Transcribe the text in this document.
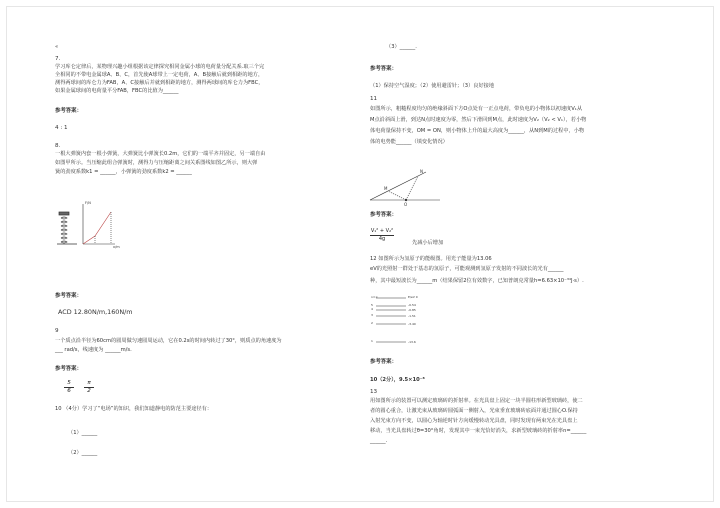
«
7.
学习库仑定律后，某物理兴趣小组根据该定律探究相同金属小球的电荷量分配关系.取三个完
全相同的不带电金属球A、B、C，首先使A球带上一定电荷，A、B接触后就到相距的地方，
测得两球间的库仑力为FAB，A、C接触后并就到相距的地方，测得两球间的库仑力为FBC，
如果金属球间的电荷量平分FAB，FBC的比值为______
参考答案：
4 : 1
8.
一根大弹簧内套一根小弹簧，大弹簧比小弹簧长0.2m，它们的一端平齐并固定，另一端自由
如图甲所示。当压缩此组合弹簧时，测得力与压缩距离之间关系图线如图乙所示，则大弹
簧的劲度系数k1 = ______，小弹簧的劲度系数k2 = ______
F/N
x/m
参考答案：
ACD 12.80N/m,160N/m
9
一个质点沿半径为60cm的圆周做匀速圆周运动，它在0.2s的时间内转过了30°，则质点的角速度为
___ rad/s，线速度为 ______m/s.
参考答案：
$\frac{5}{6} \frac{\pi}{2}$
10 （4分）学习了“电场”的知识，我们知道静电的防范主要途径有：
（1）______
（2）______
（3）______.
参考答案：
（1）保持空气湿度；（2）使用避雷针；（3）良好接地
11
如图所示，粗糙程度均匀的绝缘斜面下方O点处有一正点电荷，带负电的小物体以初速度V₁从
M点沿斜面上滑，到达N点时速度为零，然后下滑回到M点，此时速度为V₂（V₂ < V₁），若小物
体电荷量保持不变，OM = ON，则小物体上升的最大高度为______，从N到M的过程中，小物
体的电势能______（填变化情况）
N
M
O
参考答案：
$\frac{\text{V₁² + V₂²}}{4g}$	先减小后增加
12 如图所示为氢原子的能级图。用光子能量为13.06
eV的光照射一群处于基态的氢原子，可能观测到氢原子发射的不同波长的光有______
种，其中最短波长为______m（结果保留2位有效数字，已知普朗克常量h=6.63×10⁻³⁴J·s）.
n=∞	E/eV 0
5	-0.54
4	-0.85
3	-1.51
2	-3.40
1	-13.6
参考答案：
10（2分），9.5×10⁻⁸
13
用如图所示的装置可以测定玻璃砖的折射率。在光具盘上固定一块半圆柱形新型玻璃砖，使二
者的圆心重合，让激光束从玻璃砖圆弧面一侧射入，光束垂直玻璃砖底面并通过圆心O.保持
入射光束方向不变，以圆心为轴逆时针方向缓慢转动光具盘，同时发现有两束光在光具盘上
移动，当光具盘转过θ=30°角时，发现其中一束光恰好消失，求新型玻璃砖的折射率n=______
______.
